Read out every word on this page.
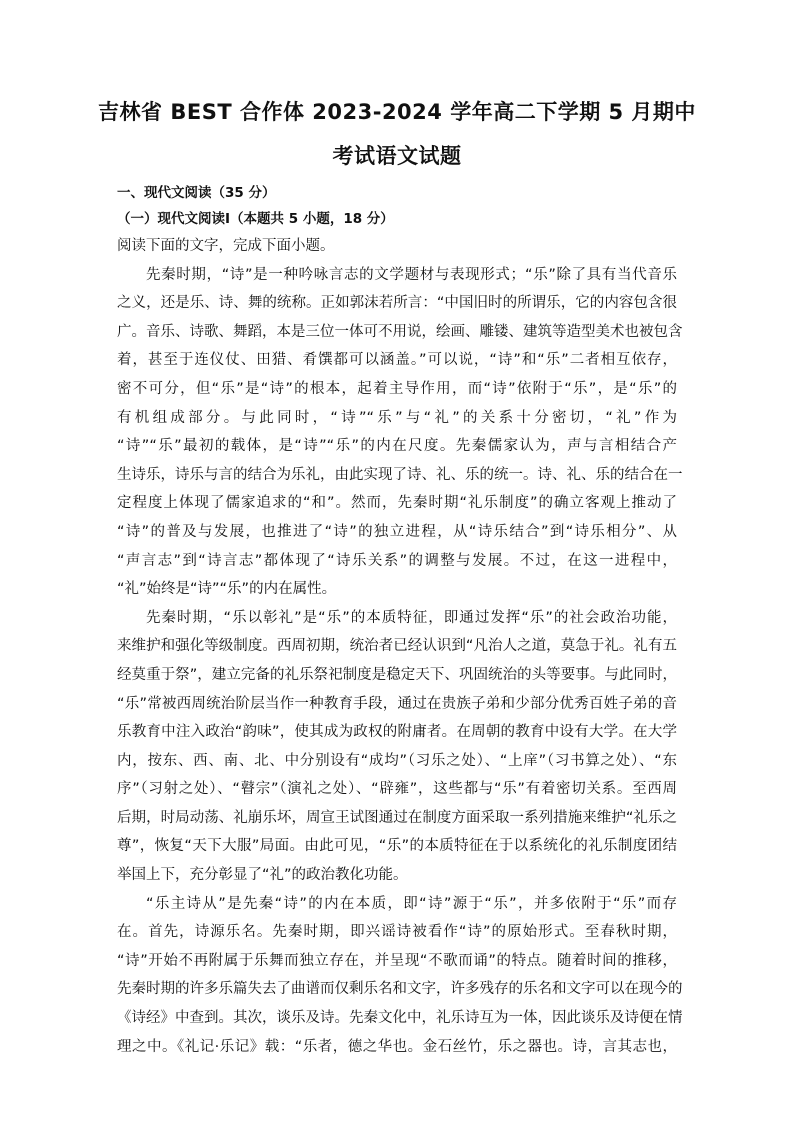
吉林省 BEST 合作体 2023-2024 学年高二下学期 5 月期中
考试语文试题
一、现代文阅读（35 分）
（一）现代文阅读Ⅰ（本题共 5 小题，18 分）
阅读下面的文字，完成下面小题。
先秦时期，“诗”是一种吟咏言志的文学题材与表现形式；“乐”除了具有当代音乐
之义，还是乐、诗、舞的统称。正如郭沫若所言：“中国旧时的所谓乐，它的内容包含很
广。音乐、诗歌、舞蹈，本是三位一体可不用说，绘画、雕镂、建筑等造型美术也被包含
着，甚至于连仪仗、田猎、肴馔都可以涵盖。”可以说，“诗”和“乐”二者相互依存，
密不可分，但“乐”是“诗”的根本，起着主导作用，而“诗”依附于“乐”，是“乐”的
有机组成部分。与此同时，“诗”“乐”与“礼”的关系十分密切，“礼”作为
“诗”“乐”最初的载体，是“诗”“乐”的内在尺度。先秦儒家认为，声与言相结合产
生诗乐，诗乐与言的结合为乐礼，由此实现了诗、礼、乐的统一。诗、礼、乐的结合在一
定程度上体现了儒家追求的“和”。然而，先秦时期“礼乐制度”的确立客观上推动了
“诗”的普及与发展，也推进了“诗”的独立进程，从“诗乐结合”到“诗乐相分”、从
“声言志”到“诗言志”都体现了“诗乐关系”的调整与发展。不过，在这一进程中，
“礼”始终是“诗”“乐”的内在属性。
先秦时期，“乐以彰礼”是“乐”的本质特征，即通过发挥“乐”的社会政治功能，
来维护和强化等级制度。西周初期，统治者已经认识到“凡治人之道，莫急于礼。礼有五
经莫重于祭”，建立完备的礼乐祭祀制度是稳定天下、巩固统治的头等要事。与此同时，
“乐”常被西周统治阶层当作一种教育手段，通过在贵族子弟和少部分优秀百姓子弟的音
乐教育中注入政治“韵味”，使其成为政权的附庸者。在周朝的教育中设有大学。在大学
内，按东、西、南、北、中分别设有“成均”（习乐之处）、“上庠”（习书算之处）、“东
序”（习射之处）、“瞽宗”（演礼之处）、“辟雍”，这些都与“乐”有着密切关系。至西周
后期，时局动荡、礼崩乐坏，周宣王试图通过在制度方面采取一系列措施来维护“礼乐之
尊”，恢复“天下大服”局面。由此可见，“乐”的本质特征在于以系统化的礼乐制度团结
举国上下，充分彰显了“礼”的政治教化功能。
“乐主诗从”是先秦“诗”的内在本质，即“诗”源于“乐”，并多依附于“乐”而存
在。首先，诗源乐名。先秦时期，即兴谣诗被看作“诗”的原始形式。至春秋时期，
“诗”开始不再附属于乐舞而独立存在，并呈现“不歌而诵”的特点。随着时间的推移，
先秦时期的许多乐篇失去了曲谱而仅剩乐名和文字，许多残存的乐名和文字可以在现今的
《诗经》中查到。其次，谈乐及诗。先秦文化中，礼乐诗互为一体，因此谈乐及诗便在情
理之中。《礼记·乐记》载：“乐者，德之华也。金石丝竹，乐之器也。诗，言其志也，
